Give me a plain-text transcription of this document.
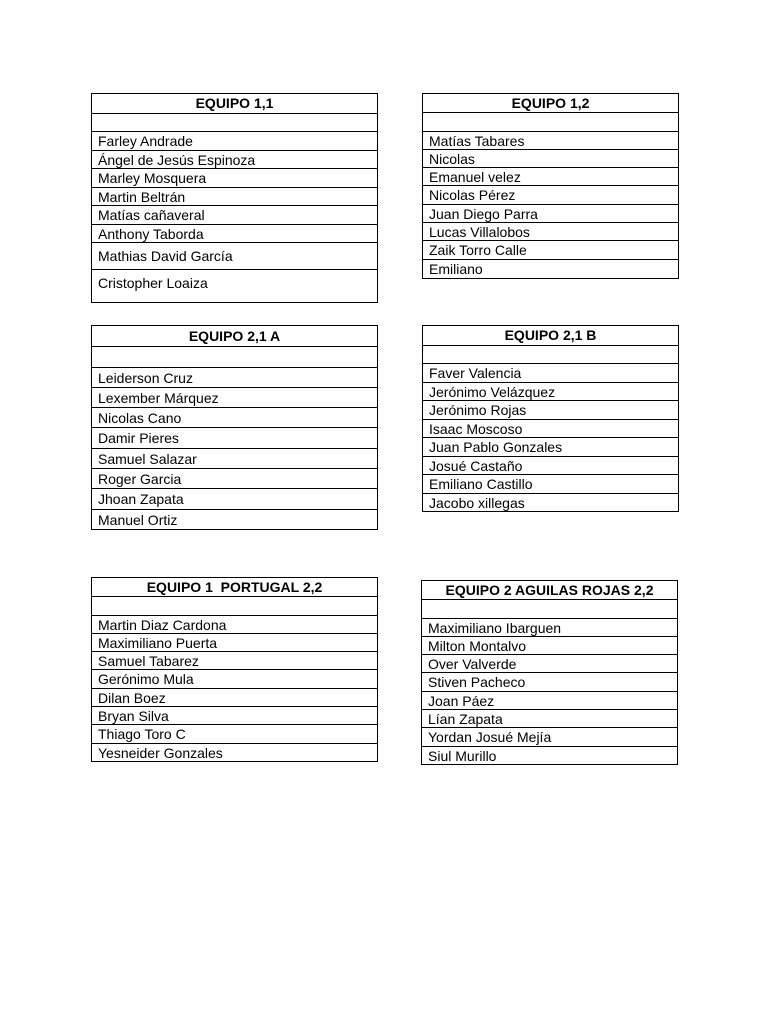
EQUIPO 1,1
Farley Andrade
Ángel de Jesús Espinoza
Marley Mosquera
Martin Beltrán
Matías cañaveral
Anthony Taborda
Mathias David García
Cristopher Loaiza
EQUIPO 1,2
Matías Tabares
Nicolas
Emanuel velez
Nicolas Pérez
Juan Diego Parra
Lucas Villalobos
Zaik Torro Calle
Emiliano
EQUIPO 2,1 A
Leiderson Cruz
Lexember Márquez
Nicolas Cano
Damir Pieres
Samuel Salazar
Roger Garcia
Jhoan Zapata
Manuel Ortiz
EQUIPO 2,1 B
Faver Valencia
Jerónimo Velázquez
Jerónimo Rojas
Isaac Moscoso
Juan Pablo Gonzales
Josué Castaño
Emiliano Castillo
Jacobo xillegas
EQUIPO 1  PORTUGAL 2,2
Martin Diaz Cardona
Maximiliano Puerta
Samuel Tabarez
Gerónimo Mula
Dilan Boez
Bryan Silva
Thiago Toro C
Yesneider Gonzales
EQUIPO 2 AGUILAS ROJAS 2,2
Maximiliano Ibarguen
Milton Montalvo
Over Valverde
Stiven Pacheco
Joan Páez
Lían Zapata
Yordan Josué Mejía
Siul Murillo
